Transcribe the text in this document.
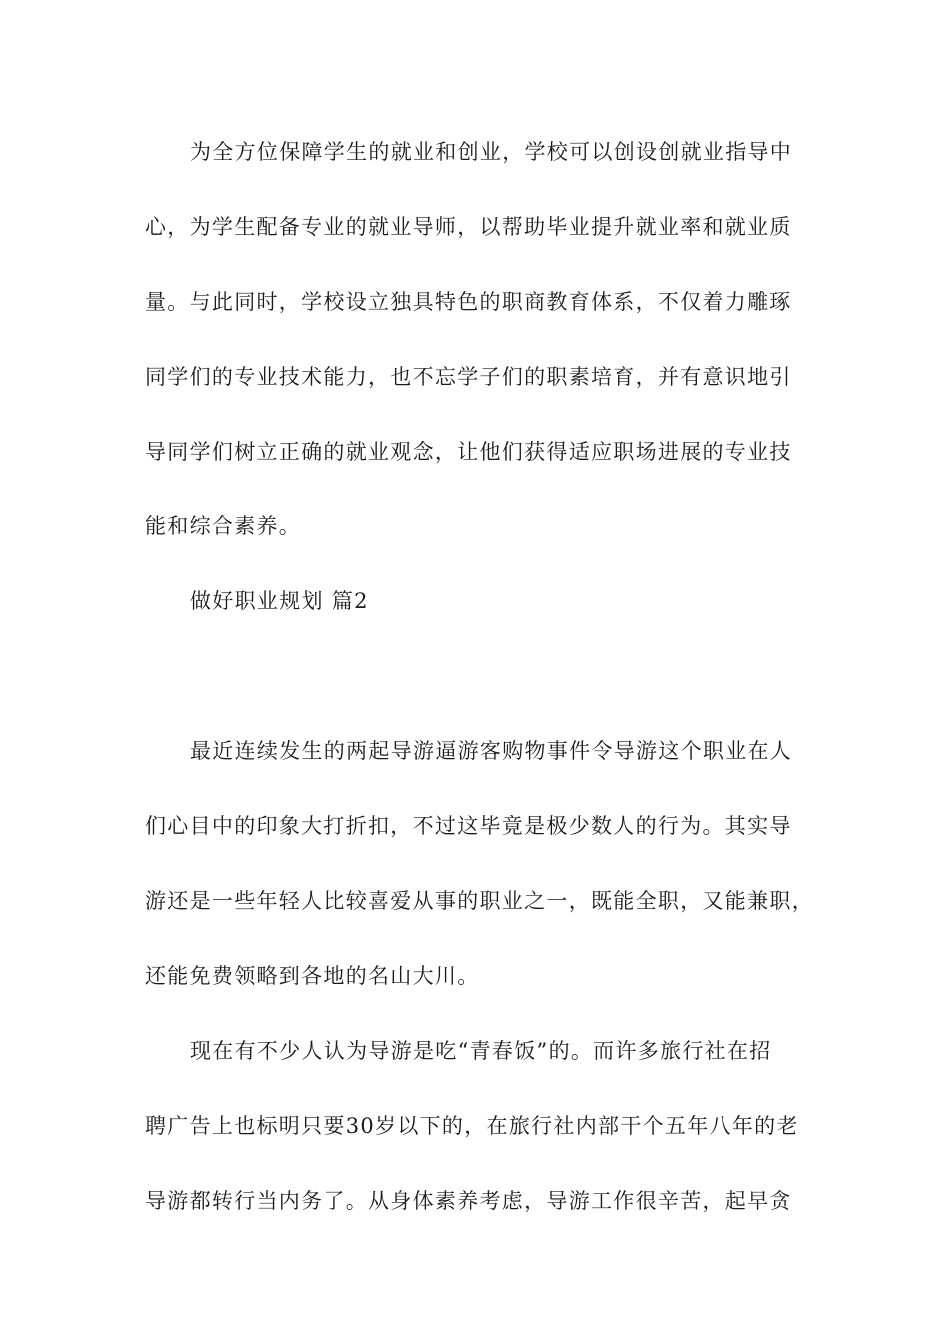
为全方位保障学生的就业和创业，学校可以创设创就业指导中
心，为学生配备专业的就业导师，以帮助毕业提升就业率和就业质
量。与此同时，学校设立独具特色的职商教育体系，不仅着力雕琢
同学们的专业技术能力，也不忘学子们的职素培育，并有意识地引
导同学们树立正确的就业观念，让他们获得适应职场进展的专业技
能和综合素养。
做好职业规划 篇2
最近连续发生的两起导游逼游客购物事件令导游这个职业在人
们心目中的印象大打折扣，不过这毕竟是极少数人的行为。其实导
游还是一些年轻人比较喜爱从事的职业之一，既能全职，又能兼职，
还能免费领略到各地的名山大川。
现在有不少人认为导游是吃“青春饭”的。而许多旅行社在招
聘广告上也标明只要30岁以下的，在旅行社内部干个五年八年的老
导游都转行当内务了。从身体素养考虑，导游工作很辛苦，起早贪
